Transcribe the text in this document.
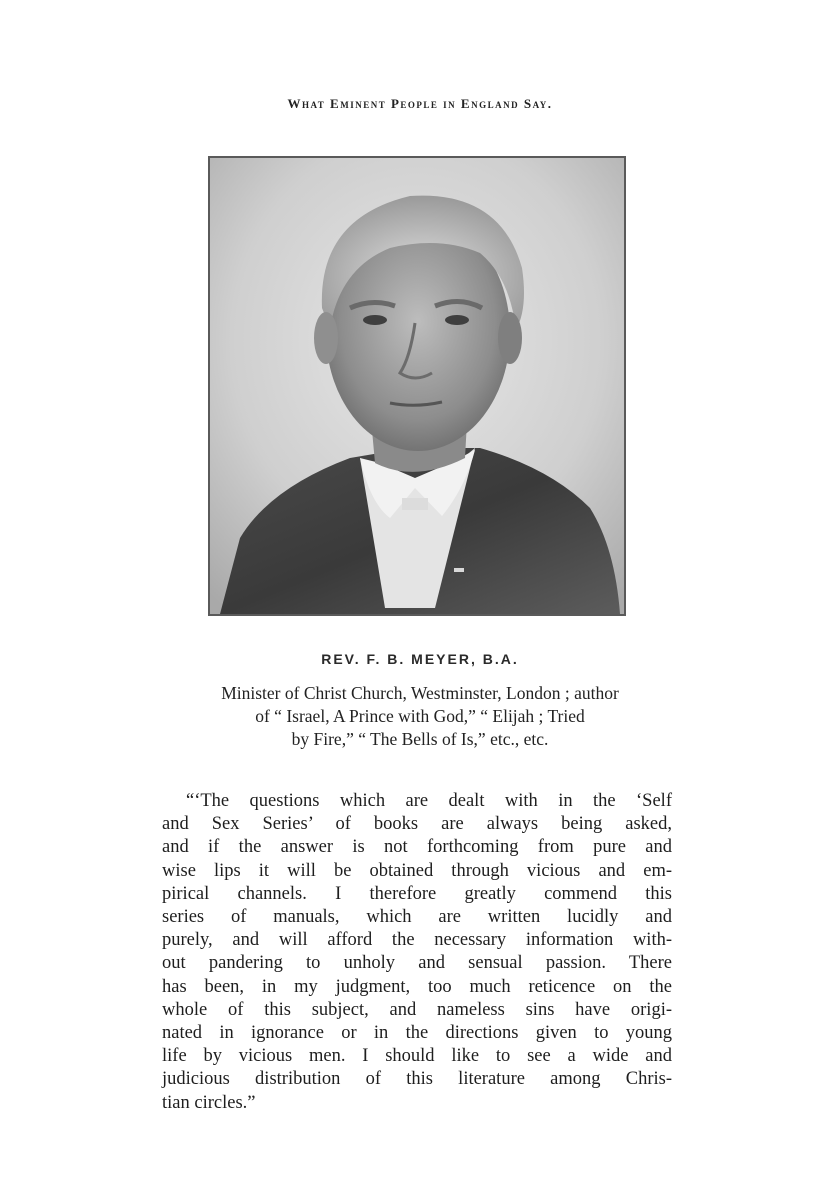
What Eminent People in England Say.
REV. F. B. MEYER, B.A.
Minister of Christ Church, Westminster, London ; author
of “ Israel, A Prince with God,” “ Elijah ; Tried
by Fire,” “ The Bells of Is,” etc., etc.
“‘The questions which are dealt with in the ‘Self
and Sex Series’ of books are always being asked,
and if the answer is not forthcoming from pure and
wise lips it will be obtained through vicious and em-
pirical channels. I therefore greatly commend this
series of manuals, which are written lucidly and
purely, and will afford the necessary information with-
out pandering to unholy and sensual passion. There
has been, in my judgment, too much reticence on the
whole of this subject, and nameless sins have origi-
nated in ignorance or in the directions given to young
life by vicious men. I should like to see a wide and
judicious distribution of this literature among Chris-
tian circles.”
